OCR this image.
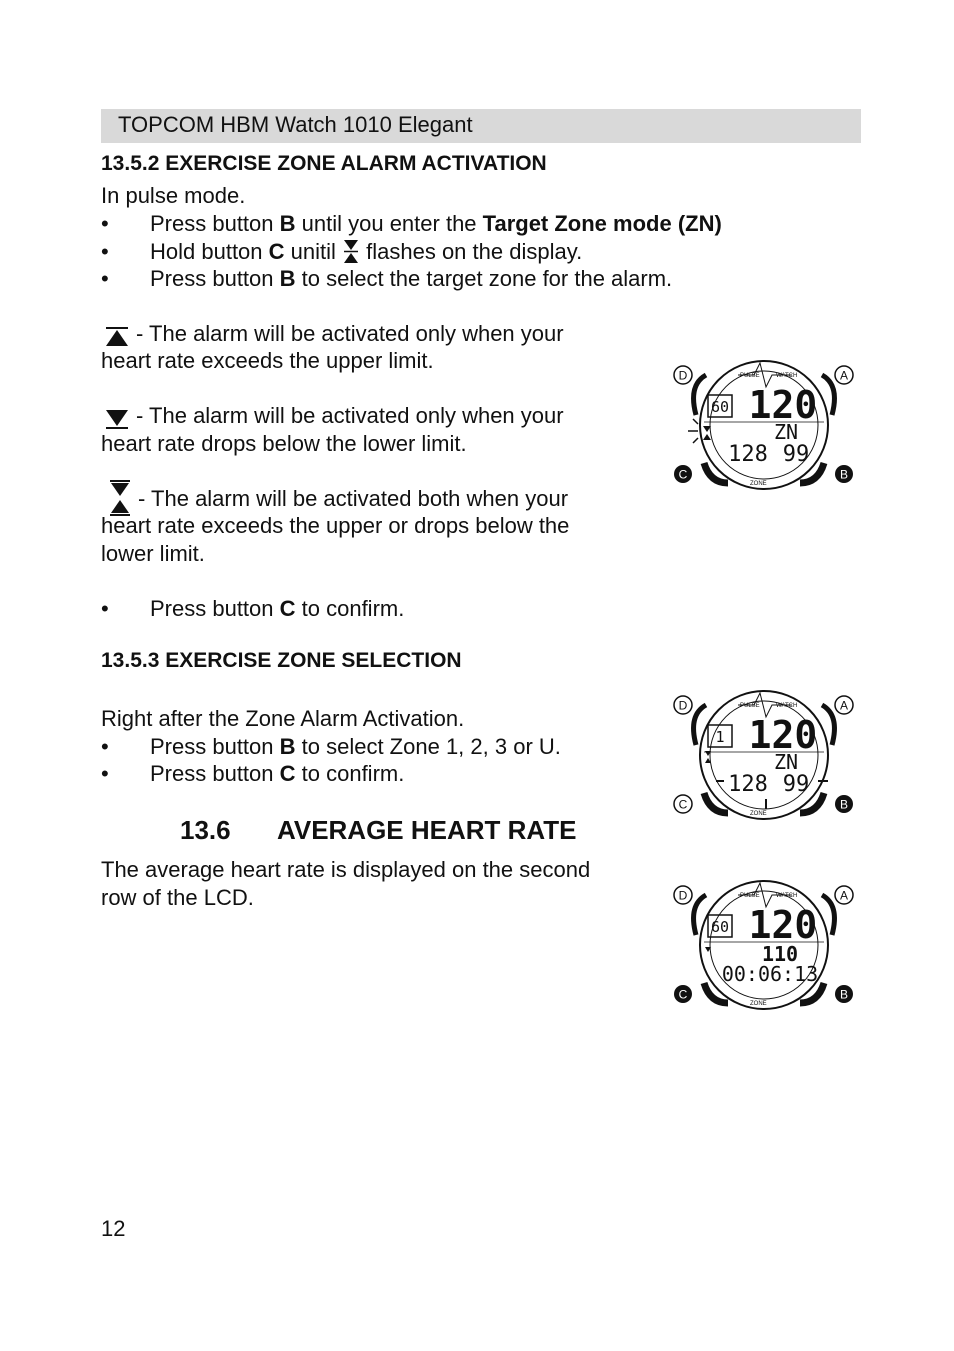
TOPCOM HBM Watch 1010 Elegant
13.5.2 EXERCISE ZONE ALARM ACTIVATION
In pulse mode.
• Press button B until you enter the Target Zone mode (ZN)
• Hold button C unitil  flashes on the display.
• Press button B to select the target zone for the alarm.
- The alarm will be activated only when your
heart rate exceeds the upper limit.
- The alarm will be activated only when your
heart rate drops below the lower limit.
- The alarm will be activated both when your
heart rate exceeds the upper or drops below the
lower limit.
• Press button C to confirm.
13.5.3 EXERCISE ZONE SELECTION
Right after the Zone Alarm Activation.
• Press button B to select Zone 1, 2, 3 or U.
• Press button C to confirm.
13.6 AVERAGE HEART RATE
The average heart rate is displayed on the second
row of the LCD.
PULSE	WATCH
ZONE
D	A
C	B
60 120
ZN
128 99
PULSE	WATCH
ZONE
D	A
C	B
1 120
ZN
128 99
PULSE	WATCH
ZONE
D	A
C	B
60 120
110
00:06:13
12
